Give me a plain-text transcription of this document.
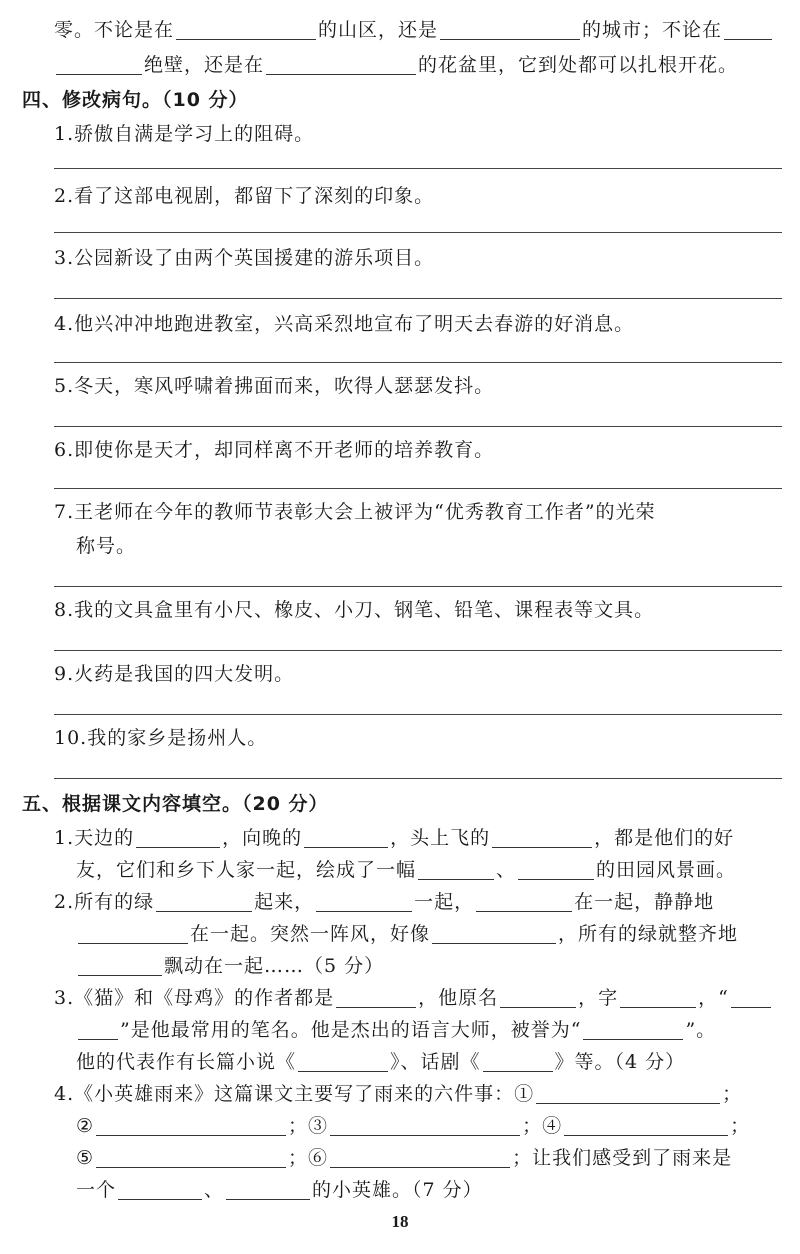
零。不论是在	的山区，还是	的城市；不论在
绝壁，还是在	的花盆里，它到处都可以扎根开花。
四、修改病句。（10 分）
1.骄傲自满是学习上的阻碍。
2.看了这部电视剧，都留下了深刻的印象。
3.公园新设了由两个英国援建的游乐项目。
4.他兴冲冲地跑进教室，兴高采烈地宣布了明天去春游的好消息。
5.冬天，寒风呼啸着拂面而来，吹得人瑟瑟发抖。
6.即使你是天才，却同样离不开老师的培养教育。
7.王老师在今年的教师节表彰大会上被评为“优秀教育工作者”的光荣
称号。
8.我的文具盒里有小尺、橡皮、小刀、钢笔、铅笔、课程表等文具。
9.火药是我国的四大发明。
10.我的家乡是扬州人。
五、根据课文内容填空。（20 分）
1.天边的	，向晚的	，头上飞的	，都是他们的好
友，它们和乡下人家一起，绘成了一幅	、	的田园风景画。
2.所有的绿	起来，	一起，	在一起，静静地
在一起。突然一阵风，好像	，所有的绿就整齐地
飘动在一起……（5 分）
3.《猫》和《母鸡》的作者都是	，他原名	，字	，“
”是他最常用的笔名。他是杰出的语言大师，被誉为“	”。
他的代表作有长篇小说《	》、话剧《	》等。（4 分）
4.《小英雄雨来》这篇课文主要写了雨来的六件事：①	；
②	；③	；④	；
⑤	；⑥	；让我们感受到了雨来是
一个	、	的小英雄。（7 分）
18
